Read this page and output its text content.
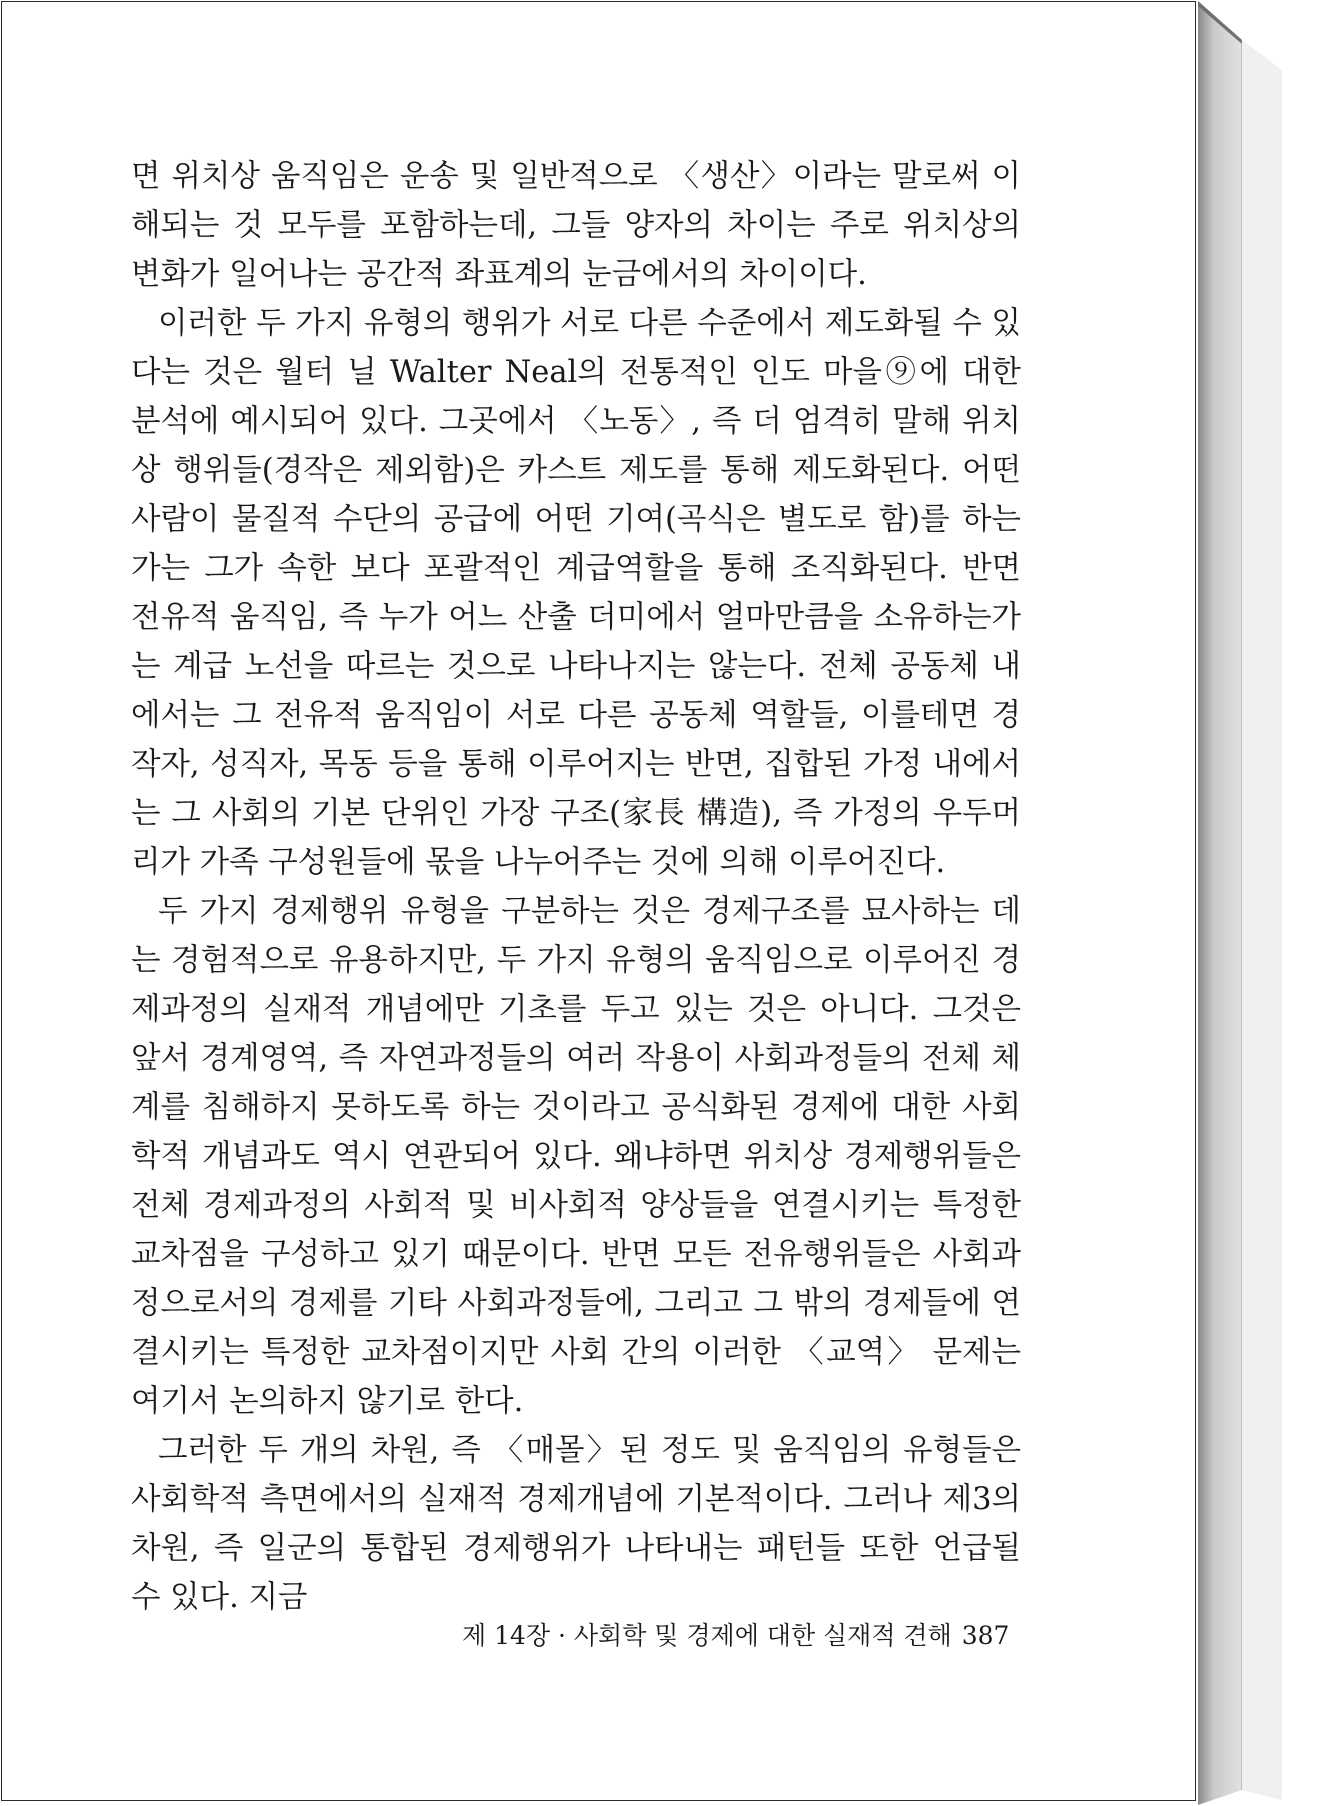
면 위치상 움직임은 운송 및 일반적으로 〈생산〉이라는 말로써 이해되는 것 모두를 포함하는데, 그들 양자의 차이는 주로 위치상의 변화가 일어나는 공간적 좌표계의 눈금에서의 차이이다.

이러한 두 가지 유형의 행위가 서로 다른 수준에서 제도화될 수 있다는 것은 월터 닐 Walter Neal의 전통적인 인도 마을⑨에 대한 분석에 예시되어 있다. 그곳에서 〈노동〉, 즉 더 엄격히 말해 위치상 행위들(경작은 제외함)은 카스트 제도를 통해 제도화된다. 어떤 사람이 물질적 수단의 공급에 어떤 기여(곡식은 별도로 함)를 하는가는 그가 속한 보다 포괄적인 계급역할을 통해 조직화된다. 반면 전유적 움직임, 즉 누가 어느 산출 더미에서 얼마만큼을 소유하는가는 계급 노선을 따르는 것으로 나타나지는 않는다. 전체 공동체 내에서는 그 전유적 움직임이 서로 다른 공동체 역할들, 이를테면 경작자, 성직자, 목동 등을 통해 이루어지는 반면, 집합된 가정 내에서는 그 사회의 기본 단위인 가장 구조(家長 構造), 즉 가정의 우두머리가 가족 구성원들에 몫을 나누어주는 것에 의해 이루어진다.

두 가지 경제행위 유형을 구분하는 것은 경제구조를 묘사하는 데는 경험적으로 유용하지만, 두 가지 유형의 움직임으로 이루어진 경제과정의 실재적 개념에만 기초를 두고 있는 것은 아니다. 그것은 앞서 경계영역, 즉 자연과정들의 여러 작용이 사회과정들의 전체 체계를 침해하지 못하도록 하는 것이라고 공식화된 경제에 대한 사회학적 개념과도 역시 연관되어 있다. 왜냐하면 위치상 경제행위들은 전체 경제과정의 사회적 및 비사회적 양상들을 연결시키는 특정한 교차점을 구성하고 있기 때문이다. 반면 모든 전유행위들은 사회과정으로서의 경제를 기타 사회과정들에, 그리고 그 밖의 경제들에 연결시키는 특정한 교차점이지만 사회 간의 이러한 〈교역〉 문제는 여기서 논의하지 않기로 한다.

그러한 두 개의 차원, 즉 〈매몰〉된 정도 및 움직임의 유형들은 사회학적 측면에서의 실재적 경제개념에 기본적이다. 그러나 제3의 차원, 즉 일군의 통합된 경제행위가 나타내는 패턴들 또한 언급될 수 있다. 지금

제 14장 · 사회학 및 경제에 대한 실재적 견해 387
